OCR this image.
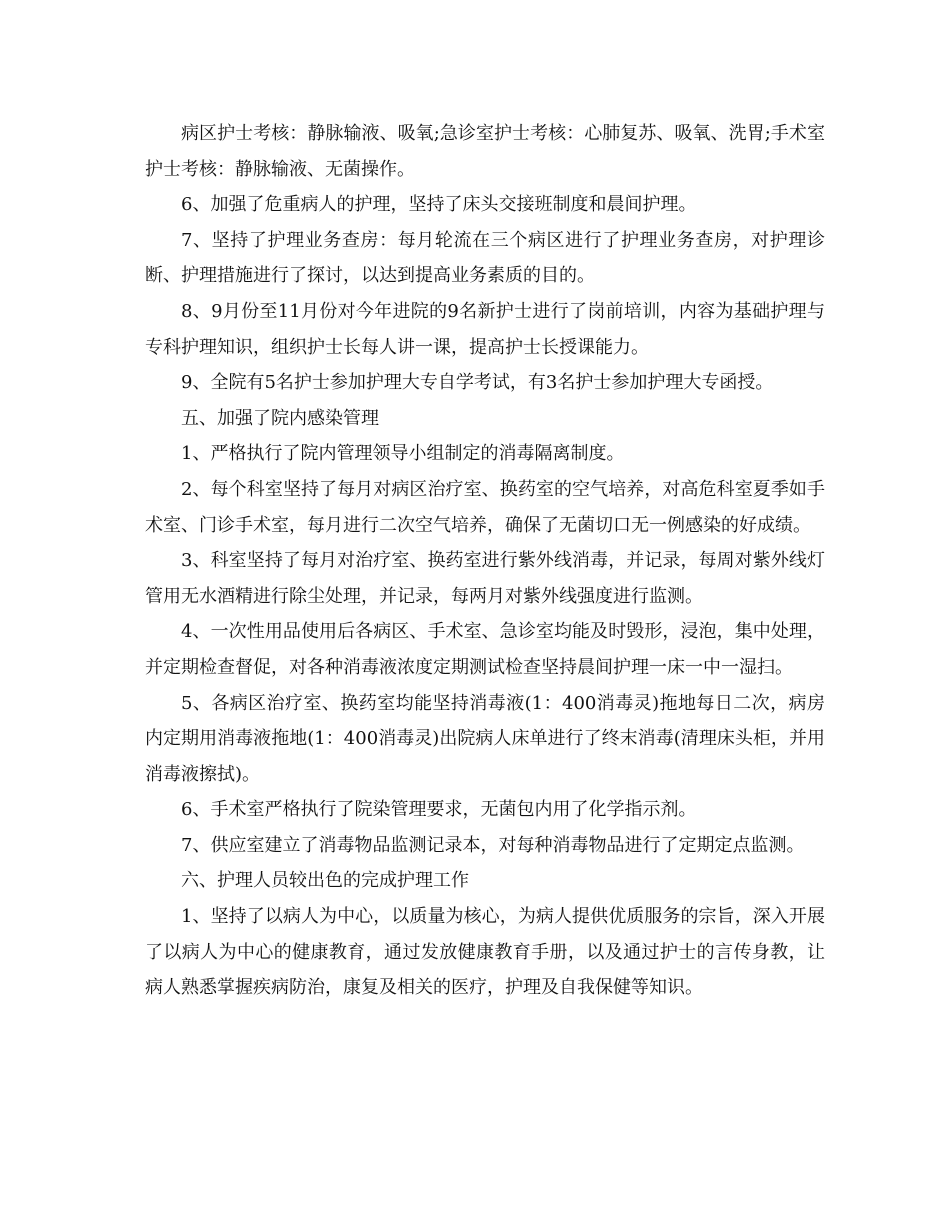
病区护士考核：静脉输液、吸氧;急诊室护士考核：心肺复苏、吸氧、洗胃;手术室护士考核：静脉输液、无菌操作。

6、加强了危重病人的护理，坚持了床头交接班制度和晨间护理。

7、坚持了护理业务查房：每月轮流在三个病区进行了护理业务查房，对护理诊断、护理措施进行了探讨，以达到提高业务素质的目的。

8、9月份至11月份对今年进院的9名新护士进行了岗前培训，内容为基础护理与专科护理知识，组织护士长每人讲一课，提高护士长授课能力。

9、全院有5名护士参加护理大专自学考试，有3名护士参加护理大专函授。

五、加强了院内感染管理

1、严格执行了院内管理领导小组制定的消毒隔离制度。

2、每个科室坚持了每月对病区治疗室、换药室的空气培养，对高危科室夏季如手术室、门诊手术室，每月进行二次空气培养，确保了无菌切口无一例感染的好成绩。

3、科室坚持了每月对治疗室、换药室进行紫外线消毒，并记录，每周对紫外线灯管用无水酒精进行除尘处理，并记录，每两月对紫外线强度进行监测。

4、一次性用品使用后各病区、手术室、急诊室均能及时毁形，浸泡，集中处理，并定期检查督促，对各种消毒液浓度定期测试检查坚持晨间护理一床一中一湿扫。

5、各病区治疗室、换药室均能坚持消毒液(1：400消毒灵)拖地每日二次，病房内定期用消毒液拖地(1：400消毒灵)出院病人床单进行了终末消毒(清理床头柜，并用消毒液擦拭)。

6、手术室严格执行了院染管理要求，无菌包内用了化学指示剂。

7、供应室建立了消毒物品监测记录本，对每种消毒物品进行了定期定点监测。

六、护理人员较出色的完成护理工作

1、坚持了以病人为中心，以质量为核心，为病人提供优质服务的宗旨，深入开展了以病人为中心的健康教育，通过发放健康教育手册，以及通过护士的言传身教，让病人熟悉掌握疾病防治，康复及相关的医疗，护理及自我保健等知识。
